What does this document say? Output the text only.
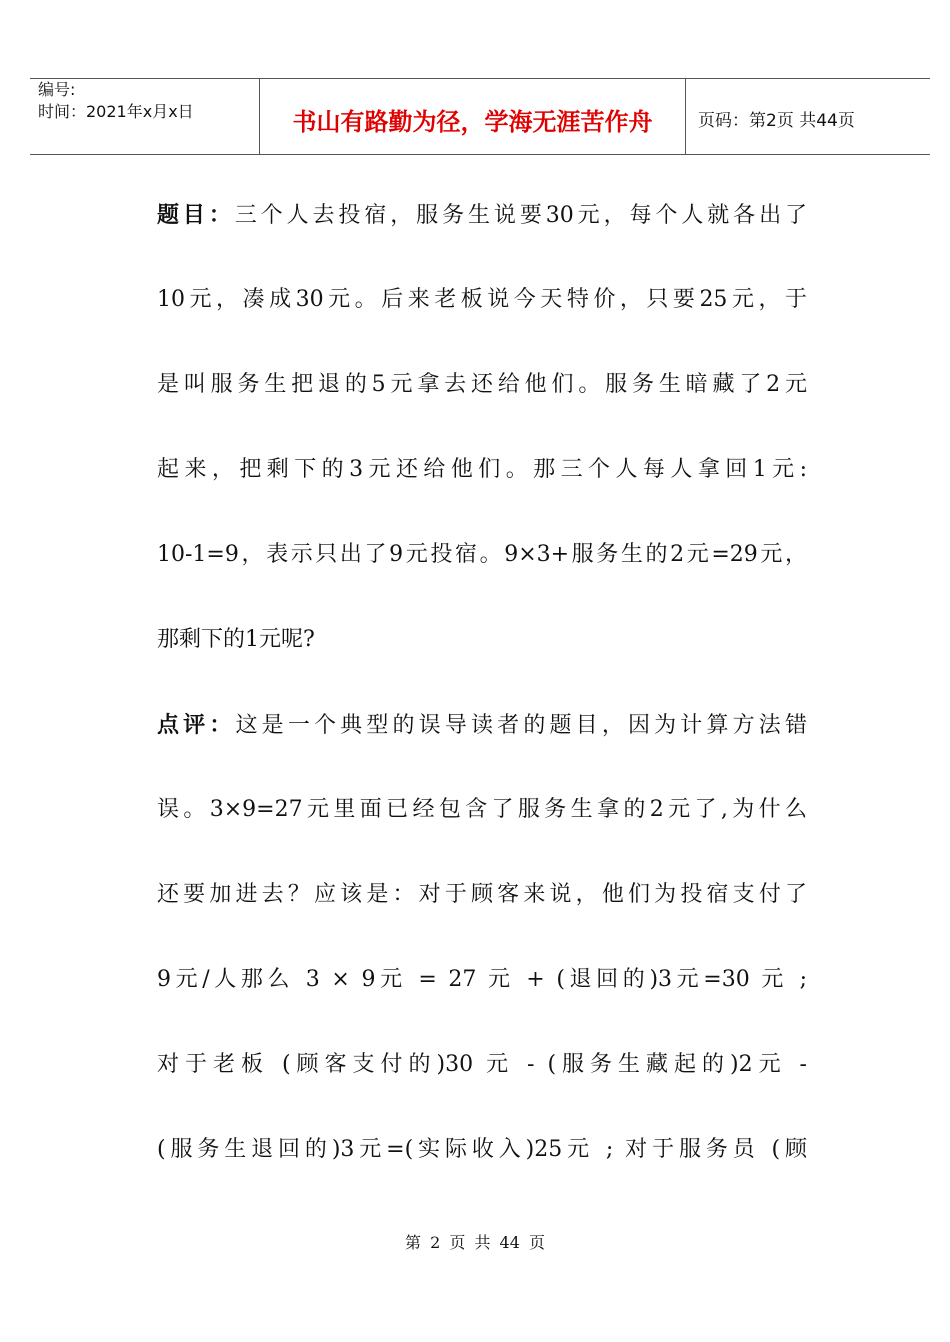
编号:
时间：2021年x月x日	书山有路勤为径，学海无涯苦作舟	页码：第2页 共44页
题目：三个人去投宿，服务生说要30元，每个人就各出了
10元，凑成30元。后来老板说今天特价，只要25元，于
是叫服务生把退的5元拿去还给他们。服务生暗藏了2元
起来，把剩下的3元还给他们。那三个人每人拿回1元:
10-1=9，表示只出了9元投宿。9×3+服务生的2元=29元，
那剩下的1元呢?
点评：这是一个典型的误导读者的题目，因为计算方法错
误。3×9=27元里面已经包含了服务生拿的2元了,为什么
还要加进去？应该是：对于顾客来说，他们为投宿支付了
9元/人那么 3 × 9元 = 27 元 + (退回的)3元=30 元 ;
对于老板 (顾客支付的)30 元 - (服务生藏起的)2元 -
(服务生退回的)3元=(实际收入)25元 ; 对于服务员 (顾
第 2 页 共 44 页
